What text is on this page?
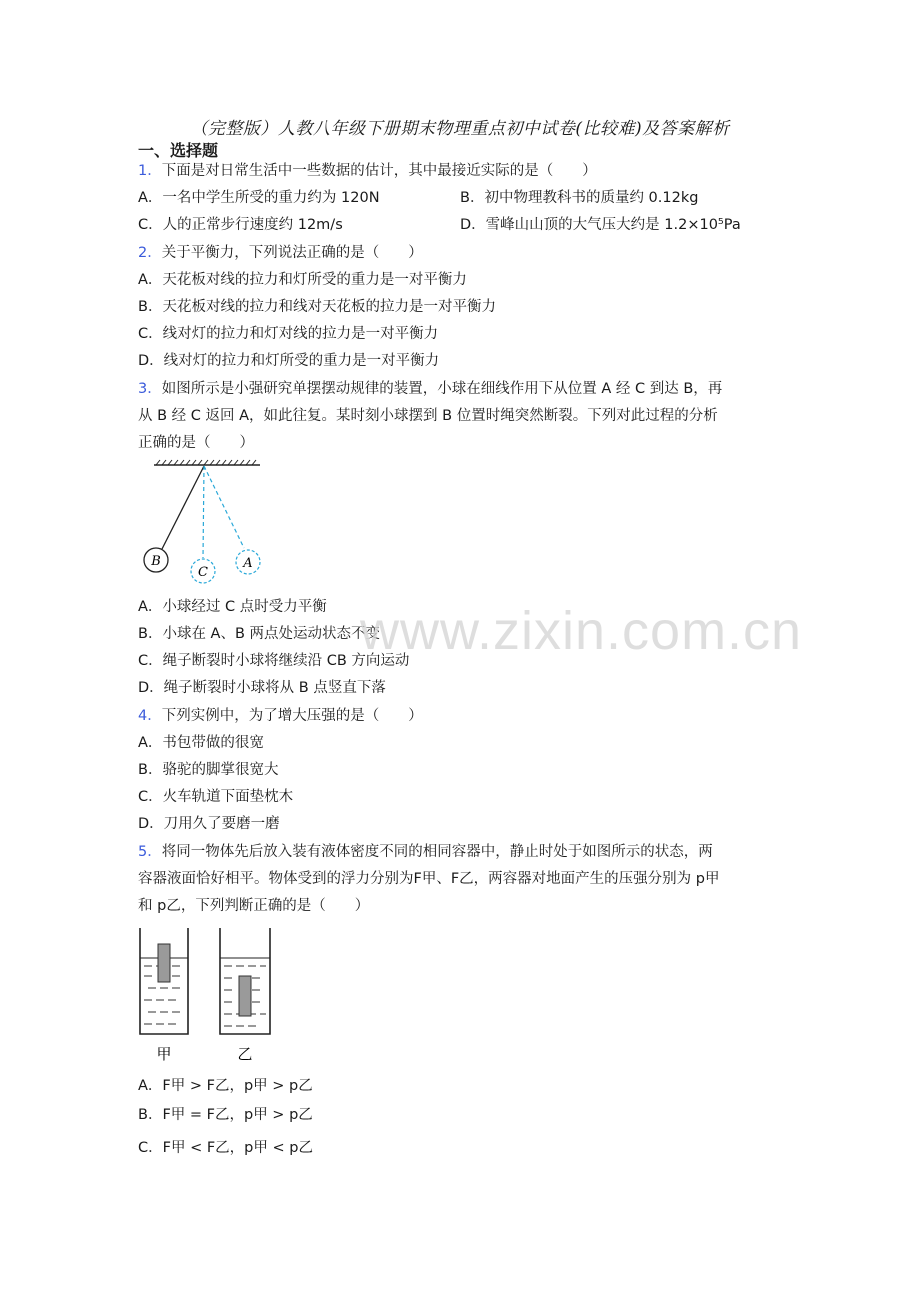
（完整版）人教八年级下册期末物理重点初中试卷(比较难)及答案解析
一、选择题
1．下面是对日常生活中一些数据的估计，其中最接近实际的是（　　）
A．一名中学生所受的重力约为 120N	B．初中物理教科书的质量约 0.12kg
C．人的正常步行速度约 12m/s	D．雪峰山山顶的大气压大约是 1.2×10⁵Pa
2．关于平衡力，下列说法正确的是（　　）
A．天花板对线的拉力和灯所受的重力是一对平衡力
B．天花板对线的拉力和线对天花板的拉力是一对平衡力
C．线对灯的拉力和灯对线的拉力是一对平衡力
D．线对灯的拉力和灯所受的重力是一对平衡力
3．如图所示是小强研究单摆摆动规律的装置，小球在细线作用下从位置 A 经 C 到达 B，再
从 B 经 C 返回 A，如此往复。某时刻小球摆到 B 位置时绳突然断裂。下列对此过程的分析
正确的是（　　）
B
C
A
A．小球经过 C 点时受力平衡
B．小球在 A、B 两点处运动状态不变
C．绳子断裂时小球将继续沿 CB 方向运动
D．绳子断裂时小球将从 B 点竖直下落
www.zixin.com.cn
4．下列实例中，为了增大压强的是（　　）
A．书包带做的很宽
B．骆驼的脚掌很宽大
C．火车轨道下面垫枕木
D．刀用久了要磨一磨
5．将同一物体先后放入装有液体密度不同的相同容器中，静止时处于如图所示的状态，两
容器液面恰好相平。物体受到的浮力分别为F甲、F乙，两容器对地面产生的压强分别为 p甲
和 p乙，下列判断正确的是（　　）
甲	乙
A．F甲 > F乙，p甲 > p乙
B．F甲 = F乙，p甲 > p乙
C．F甲 < F乙，p甲 < p乙
